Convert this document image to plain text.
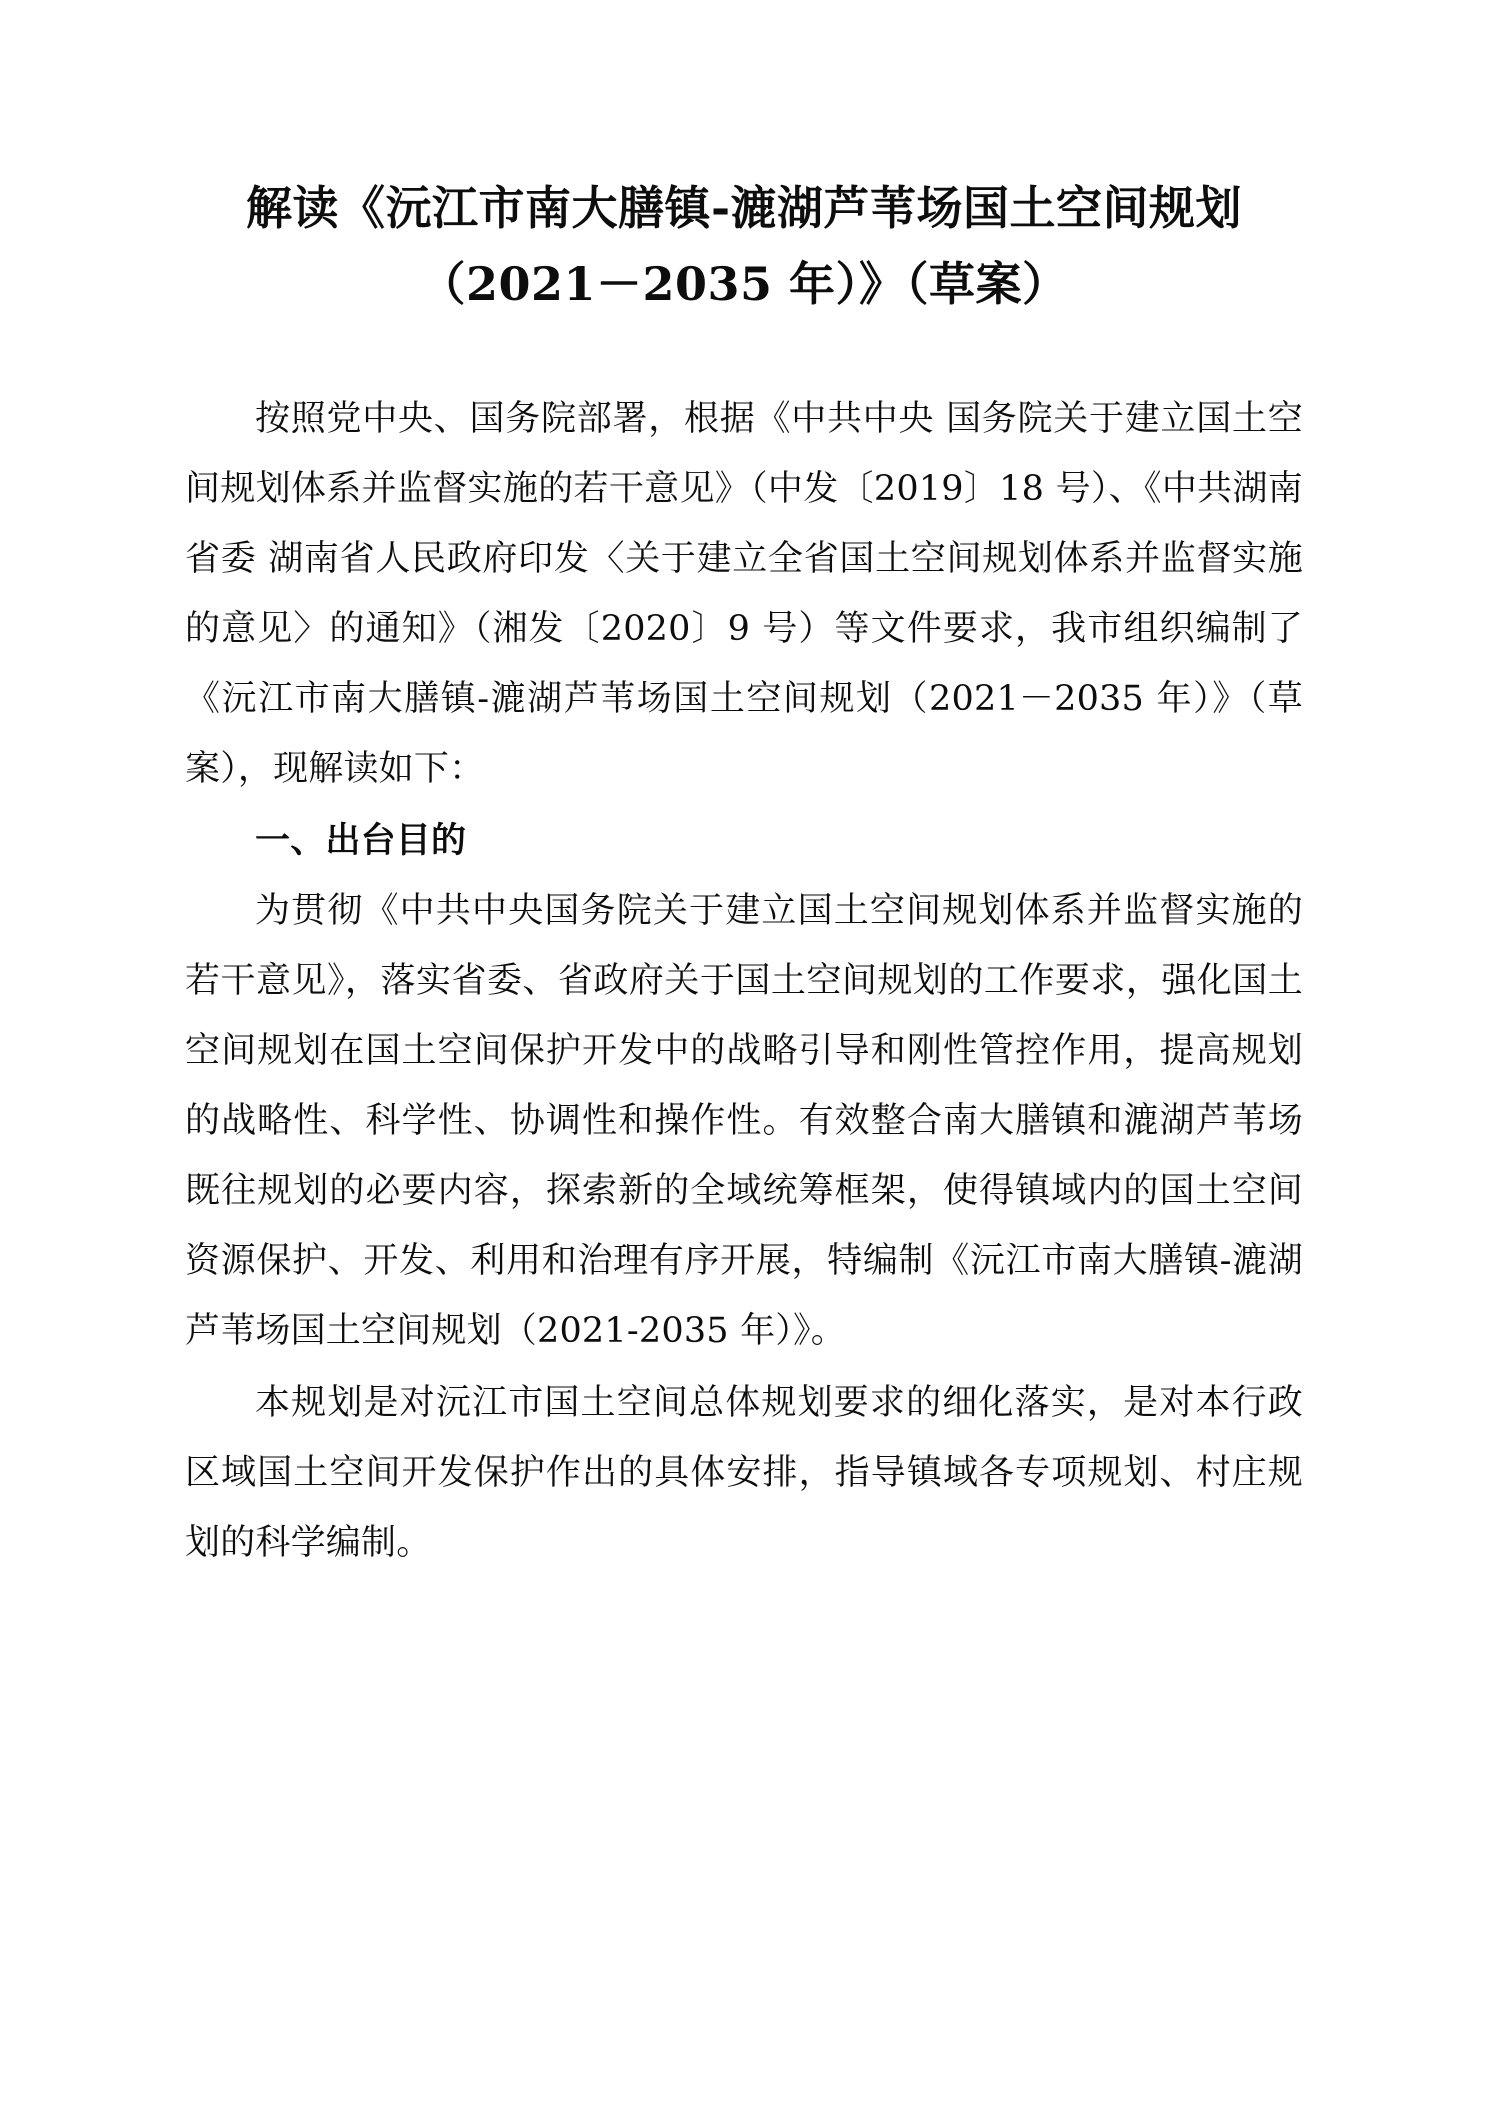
解读《沅江市南大膳镇-漉湖芦苇场国土空间规划（2021－2035 年）》（草案）

按照党中央、国务院部署，根据《中共中央 国务院关于建立国土空间规划体系并监督实施的若干意见》（中发〔2019〕18 号）、《中共湖南省委 湖南省人民政府印发〈关于建立全省国土空间规划体系并监督实施的意见〉的通知》（湘发〔2020〕9 号）等文件要求，我市组织编制了《沅江市南大膳镇-漉湖芦苇场国土空间规划（2021－2035 年）》（草案），现解读如下：

一、出台目的

为贯彻《中共中央国务院关于建立国土空间规划体系并监督实施的若干意见》，落实省委、省政府关于国土空间规划的工作要求，强化国土空间规划在国土空间保护开发中的战略引导和刚性管控作用，提高规划的战略性、科学性、协调性和操作性。有效整合南大膳镇和漉湖芦苇场既往规划的必要内容，探索新的全域统筹框架，使得镇域内的国土空间资源保护、开发、利用和治理有序开展，特编制《沅江市南大膳镇-漉湖芦苇场国土空间规划（2021-2035 年）》。

本规划是对沅江市国土空间总体规划要求的细化落实，是对本行政区域国土空间开发保护作出的具体安排，指导镇域各专项规划、村庄规划的科学编制。
